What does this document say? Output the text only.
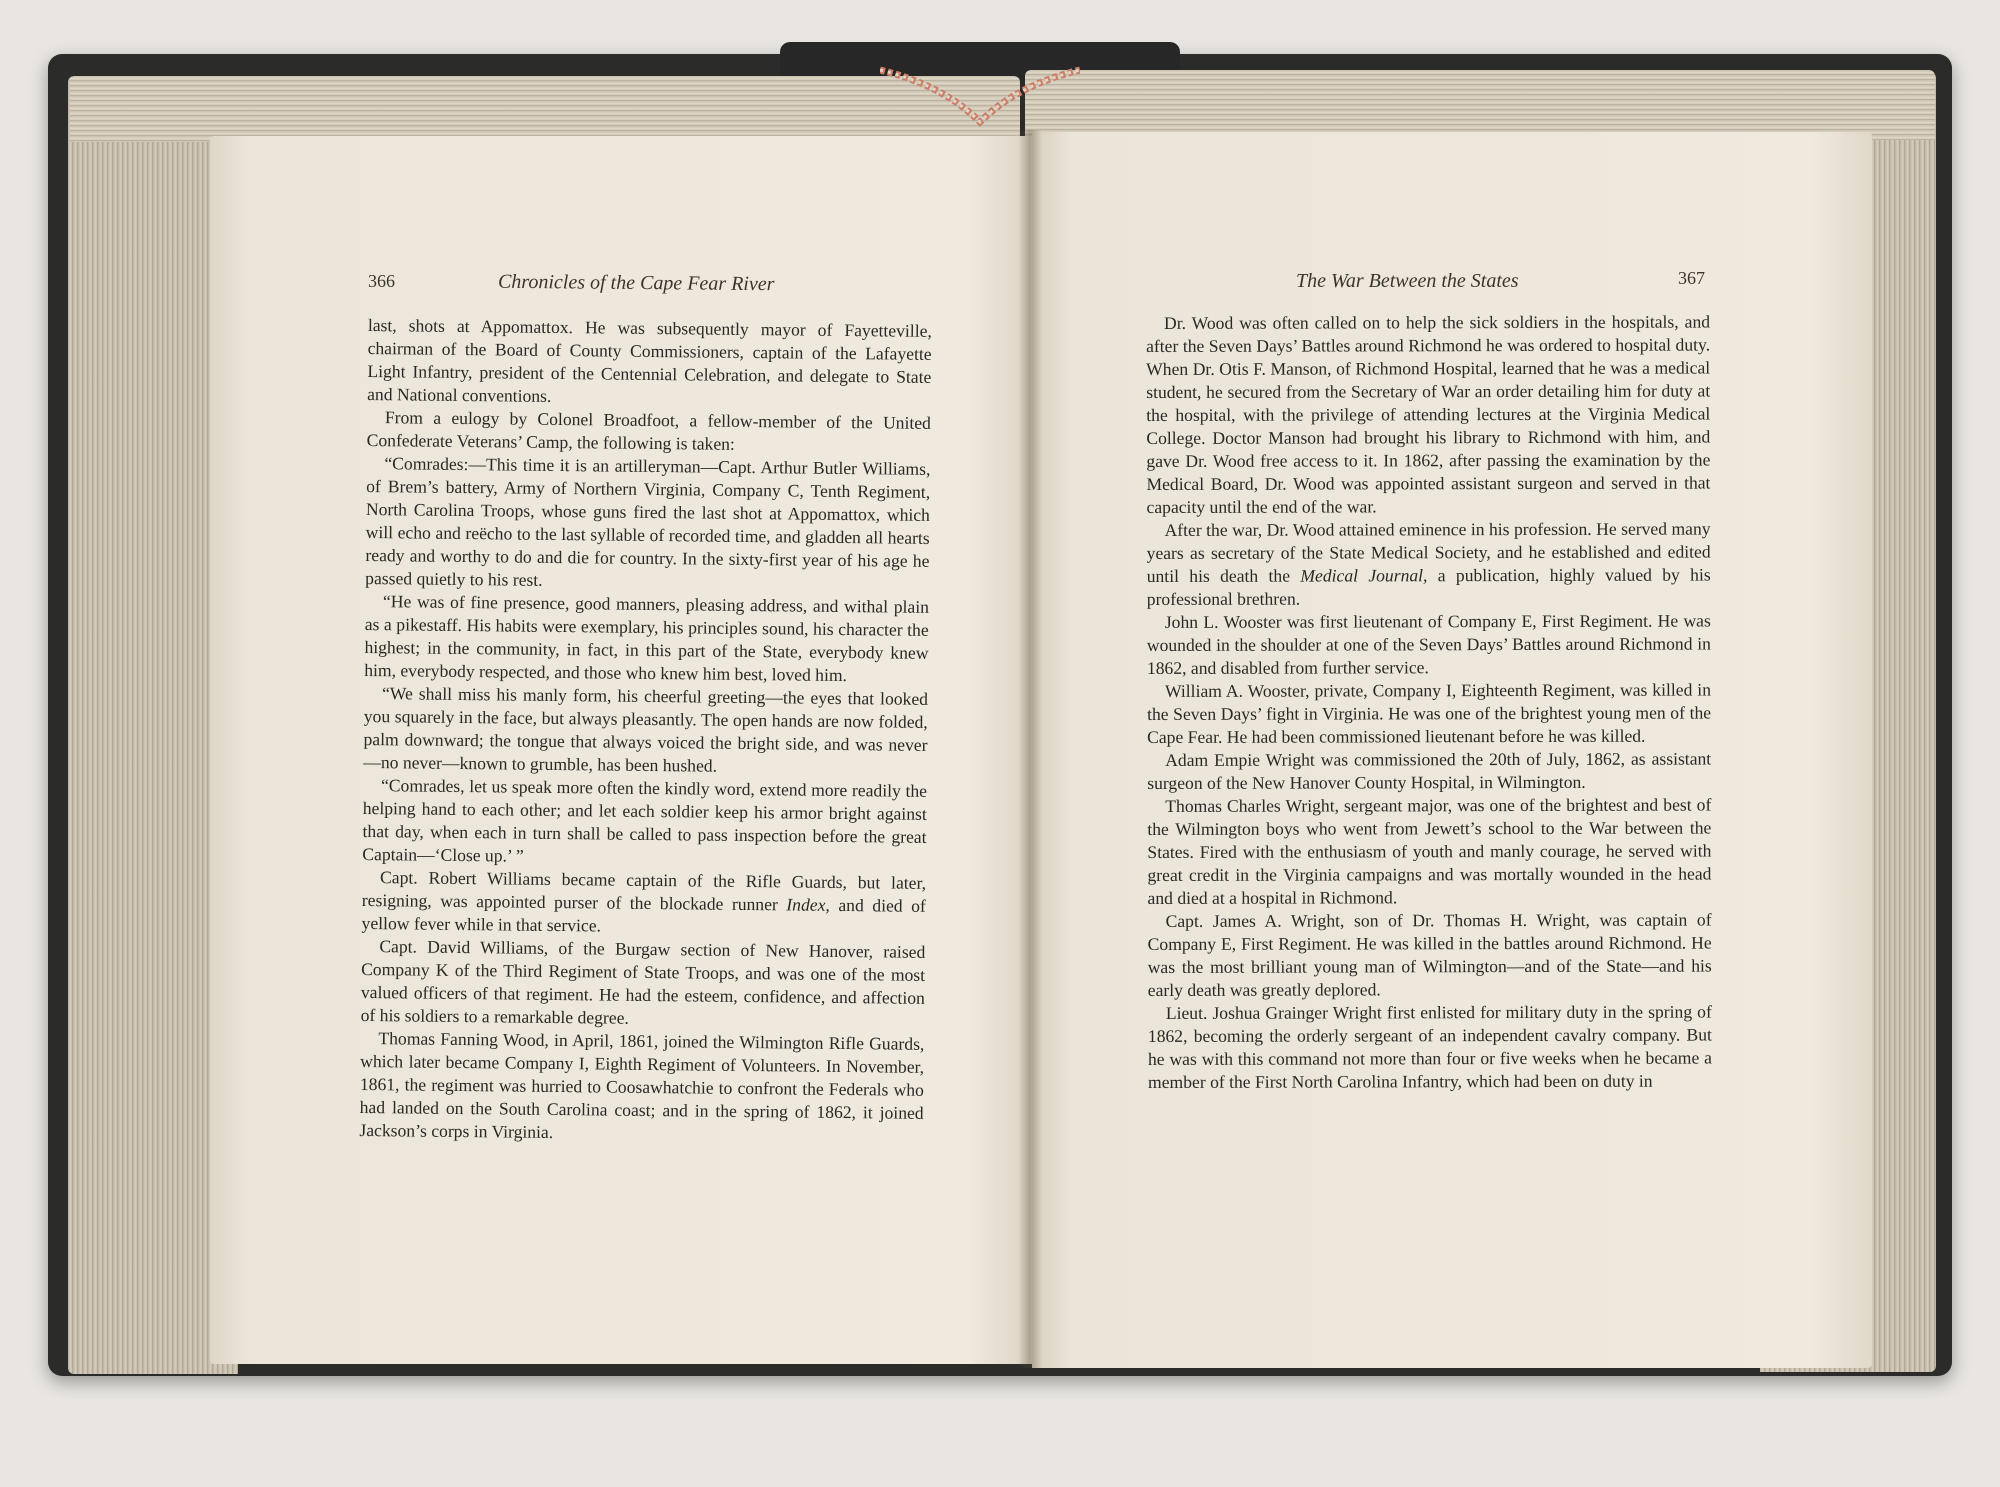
366	Chronicles of the Cape Fear River	The War Between the States	367

last, shots at Appomattox. He was subsequently mayor of Fayetteville, chairman of the Board of County Commissioners, captain of the Lafayette Light Infantry, president of the Centennial Celebration, and delegate to State and National conventions.

From a eulogy by Colonel Broadfoot, a fellow-member of the United Confederate Veterans’ Camp, the following is taken:

“Comrades:—This time it is an artilleryman—Capt. Arthur Butler Williams, of Brem’s battery, Army of Northern Virginia, Company C, Tenth Regiment, North Carolina Troops, whose guns fired the last shot at Appomattox, which will echo and reëcho to the last syllable of recorded time, and gladden all hearts ready and worthy to do and die for country. In the sixty-first year of his age he passed quietly to his rest.

“He was of fine presence, good manners, pleasing address, and withal plain as a pikestaff. His habits were exemplary, his principles sound, his character the highest; in the community, in fact, in this part of the State, everybody knew him, everybody respected, and those who knew him best, loved him.

“We shall miss his manly form, his cheerful greeting—the eyes that looked you squarely in the face, but always pleasantly. The open hands are now folded, palm downward; the tongue that always voiced the bright side, and was never—no never—known to grumble, has been hushed.

“Comrades, let us speak more often the kindly word, extend more readily the helping hand to each other; and let each soldier keep his armor bright against that day, when each in turn shall be called to pass inspection before the great Captain—‘Close up.’ ”

Capt. Robert Williams became captain of the Rifle Guards, but later, resigning, was appointed purser of the blockade runner Index, and died of yellow fever while in that service.

Capt. David Williams, of the Burgaw section of New Hanover, raised Company K of the Third Regiment of State Troops, and was one of the most valued officers of that regiment. He had the esteem, confidence, and affection of his soldiers to a remarkable degree.

Thomas Fanning Wood, in April, 1861, joined the Wilmington Rifle Guards, which later became Company I, Eighth Regiment of Volunteers. In November, 1861, the regiment was hurried to Coosawhatchie to confront the Federals who had landed on the South Carolina coast; and in the spring of 1862, it joined Jackson’s corps in Virginia.

Dr. Wood was often called on to help the sick soldiers in the hospitals, and after the Seven Days’ Battles around Richmond he was ordered to hospital duty. When Dr. Otis F. Manson, of Richmond Hospital, learned that he was a medical student, he secured from the Secretary of War an order detailing him for duty at the hospital, with the privilege of attending lectures at the Virginia Medical College. Doctor Manson had brought his library to Richmond with him, and gave Dr. Wood free access to it. In 1862, after passing the examination by the Medical Board, Dr. Wood was appointed assistant surgeon and served in that capacity until the end of the war.

After the war, Dr. Wood attained eminence in his profession. He served many years as secretary of the State Medical Society, and he established and edited until his death the Medical Journal, a publication, highly valued by his professional brethren.

John L. Wooster was first lieutenant of Company E, First Regiment. He was wounded in the shoulder at one of the Seven Days’ Battles around Richmond in 1862, and disabled from further service.

William A. Wooster, private, Company I, Eighteenth Regiment, was killed in the Seven Days’ fight in Virginia. He was one of the brightest young men of the Cape Fear. He had been commissioned lieutenant before he was killed.

Adam Empie Wright was commissioned the 20th of July, 1862, as assistant surgeon of the New Hanover County Hospital, in Wilmington.

Thomas Charles Wright, sergeant major, was one of the brightest and best of the Wilmington boys who went from Jewett’s school to the War between the States. Fired with the enthusiasm of youth and manly courage, he served with great credit in the Virginia campaigns and was mortally wounded in the head and died at a hospital in Richmond.

Capt. James A. Wright, son of Dr. Thomas H. Wright, was captain of Company E, First Regiment. He was killed in the battles around Richmond. He was the most brilliant young man of Wilmington—and of the State—and his early death was greatly deplored.

Lieut. Joshua Grainger Wright first enlisted for military duty in the spring of 1862, becoming the orderly sergeant of an independent cavalry company. But he was with this command not more than four or five weeks when he became a member of the First North Carolina Infantry, which had been on duty in
